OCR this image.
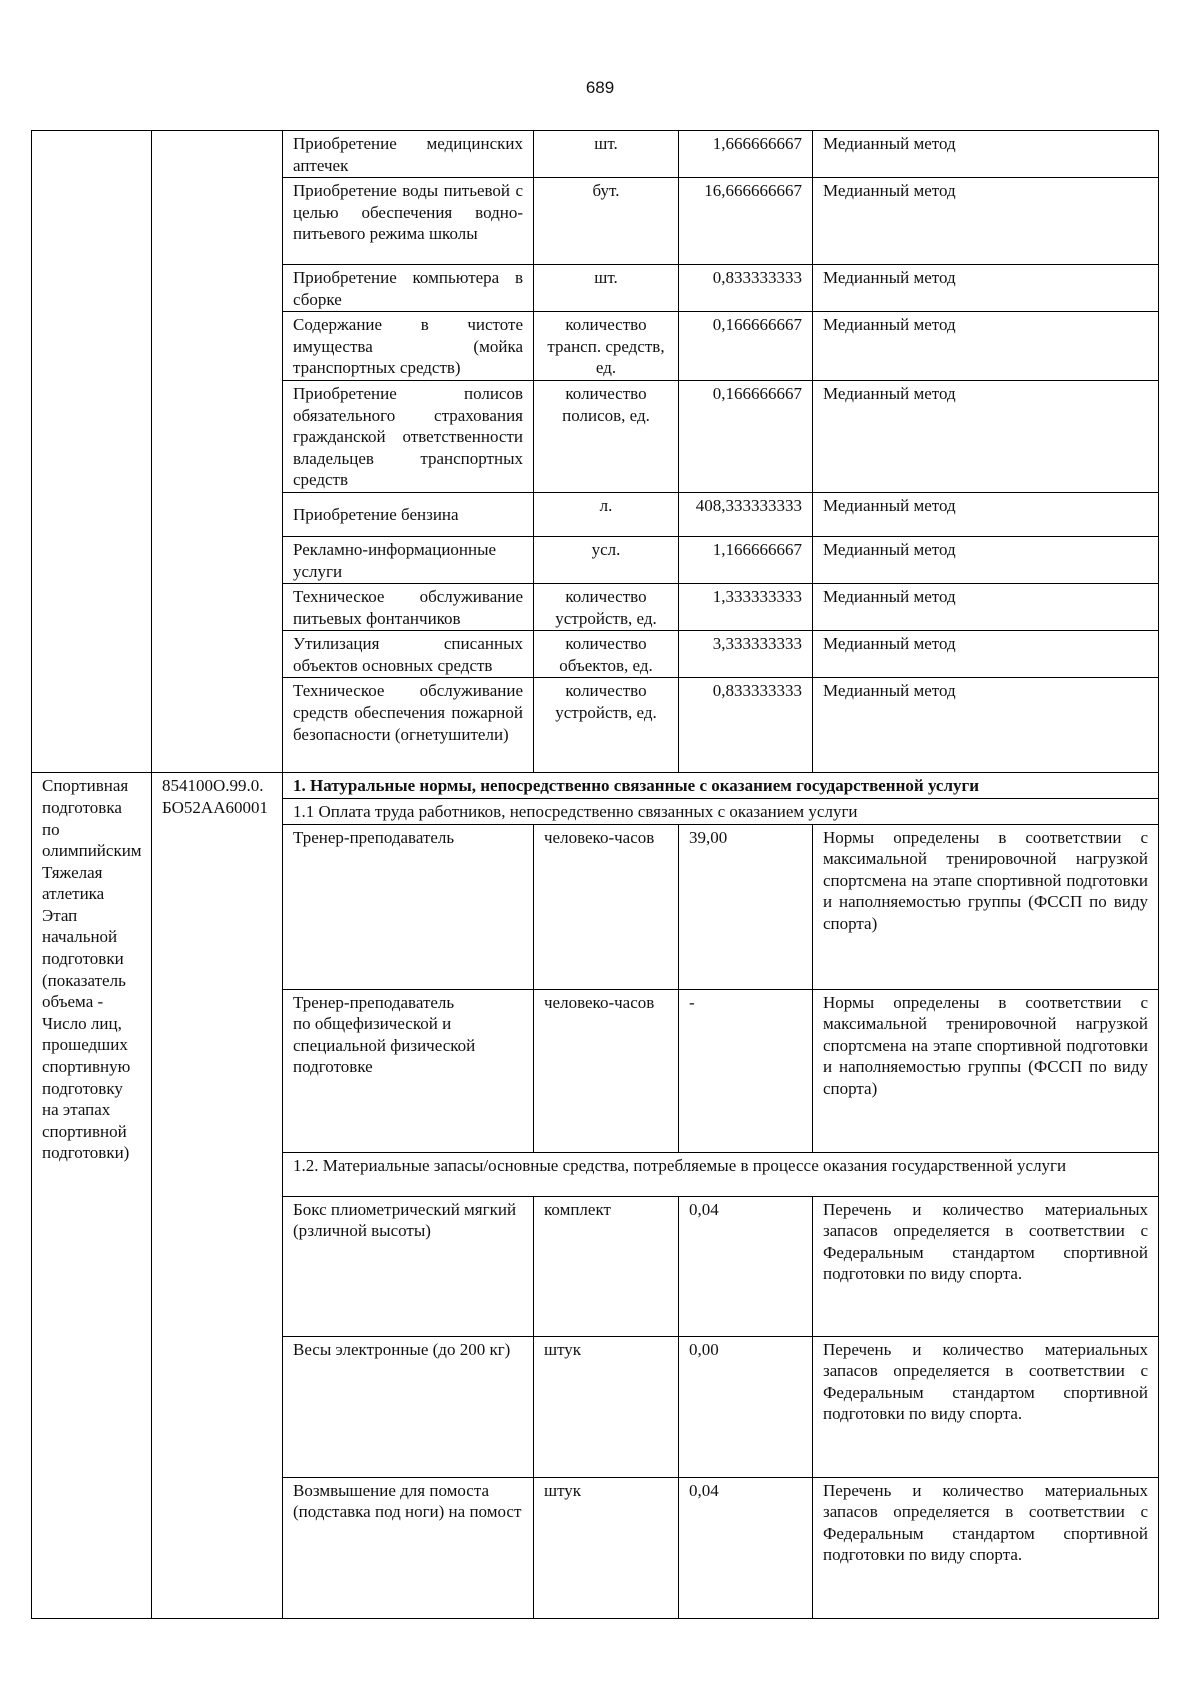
689
		Приобретение медицинских аптечек	шт.	1,666666667	Медианный метод
		Приобретение воды питьевой с целью обеспечения водно-питьевого режима школы	бут.	16,666666667	Медианный метод
		Приобретение компьютера в сборке	шт.	0,833333333	Медианный метод
		Содержание в чистоте имущества (мойка транспортных средств)	количество трансп. средств, ед.	0,166666667	Медианный метод
		Приобретение полисов обязательного страхования гражданской ответственности владельцев транспортных средств	количество полисов, ед.	0,166666667	Медианный метод
		Приобретение бензина	л.	408,333333333	Медианный метод
		Рекламно-информационные услуги	усл.	1,166666667	Медианный метод
		Техническое обслуживание питьевых фонтанчиков	количество устройств, ед.	1,333333333	Медианный метод
		Утилизация списанных объектов основных средств	количество объектов, ед.	3,333333333	Медианный метод
		Техническое обслуживание средств обеспечения пожарной безопасности (огнетушители)	количество устройств, ед.	0,833333333	Медианный метод
Спортивная подготовка по олимпийским Тяжелая атлетика Этап начальной подготовки (показатель объема - Число лиц, прошедших спортивную подготовку на этапах спортивной подготовки)	854100О.99.0.БО52АА60001	1. Натуральные нормы, непосредственно связанные с оказанием государственной услуги			
		1.1 Оплата труда работников, непосредственно связанных с оказанием услуги			
		Тренер-преподаватель	человеко-часов	39,00	Нормы определены в соответствии с максимальной тренировочной нагрузкой спортсмена на этапе спортивной подготовки и наполняемостью группы (ФССП по виду спорта)
		Тренер-преподаватель
по общефизической и
специальной физической
подготовке	человеко-часов	-	Нормы определены в соответствии с максимальной тренировочной нагрузкой спортсмена на этапе спортивной подготовки и наполняемостью группы (ФССП по виду спорта)
		1.2. Материальные запасы/основные средства, потребляемые в процессе оказания государственной услуги			
		Бокс плиометрический мягкий (рзличной высоты)	комплект	0,04	Перечень и количество материальных запасов определяется в соответствии с Федеральным стандартом спортивной подготовки по виду спорта.
		Весы электронные (до 200 кг)	штук	0,00	Перечень и количество материальных запасов определяется в соответствии с Федеральным стандартом спортивной подготовки по виду спорта.
		Возмвышение для помоста (подставка под ноги) на помост	штук	0,04	Перечень и количество материальных запасов определяется в соответствии с Федеральным стандартом спортивной подготовки по виду спорта.
